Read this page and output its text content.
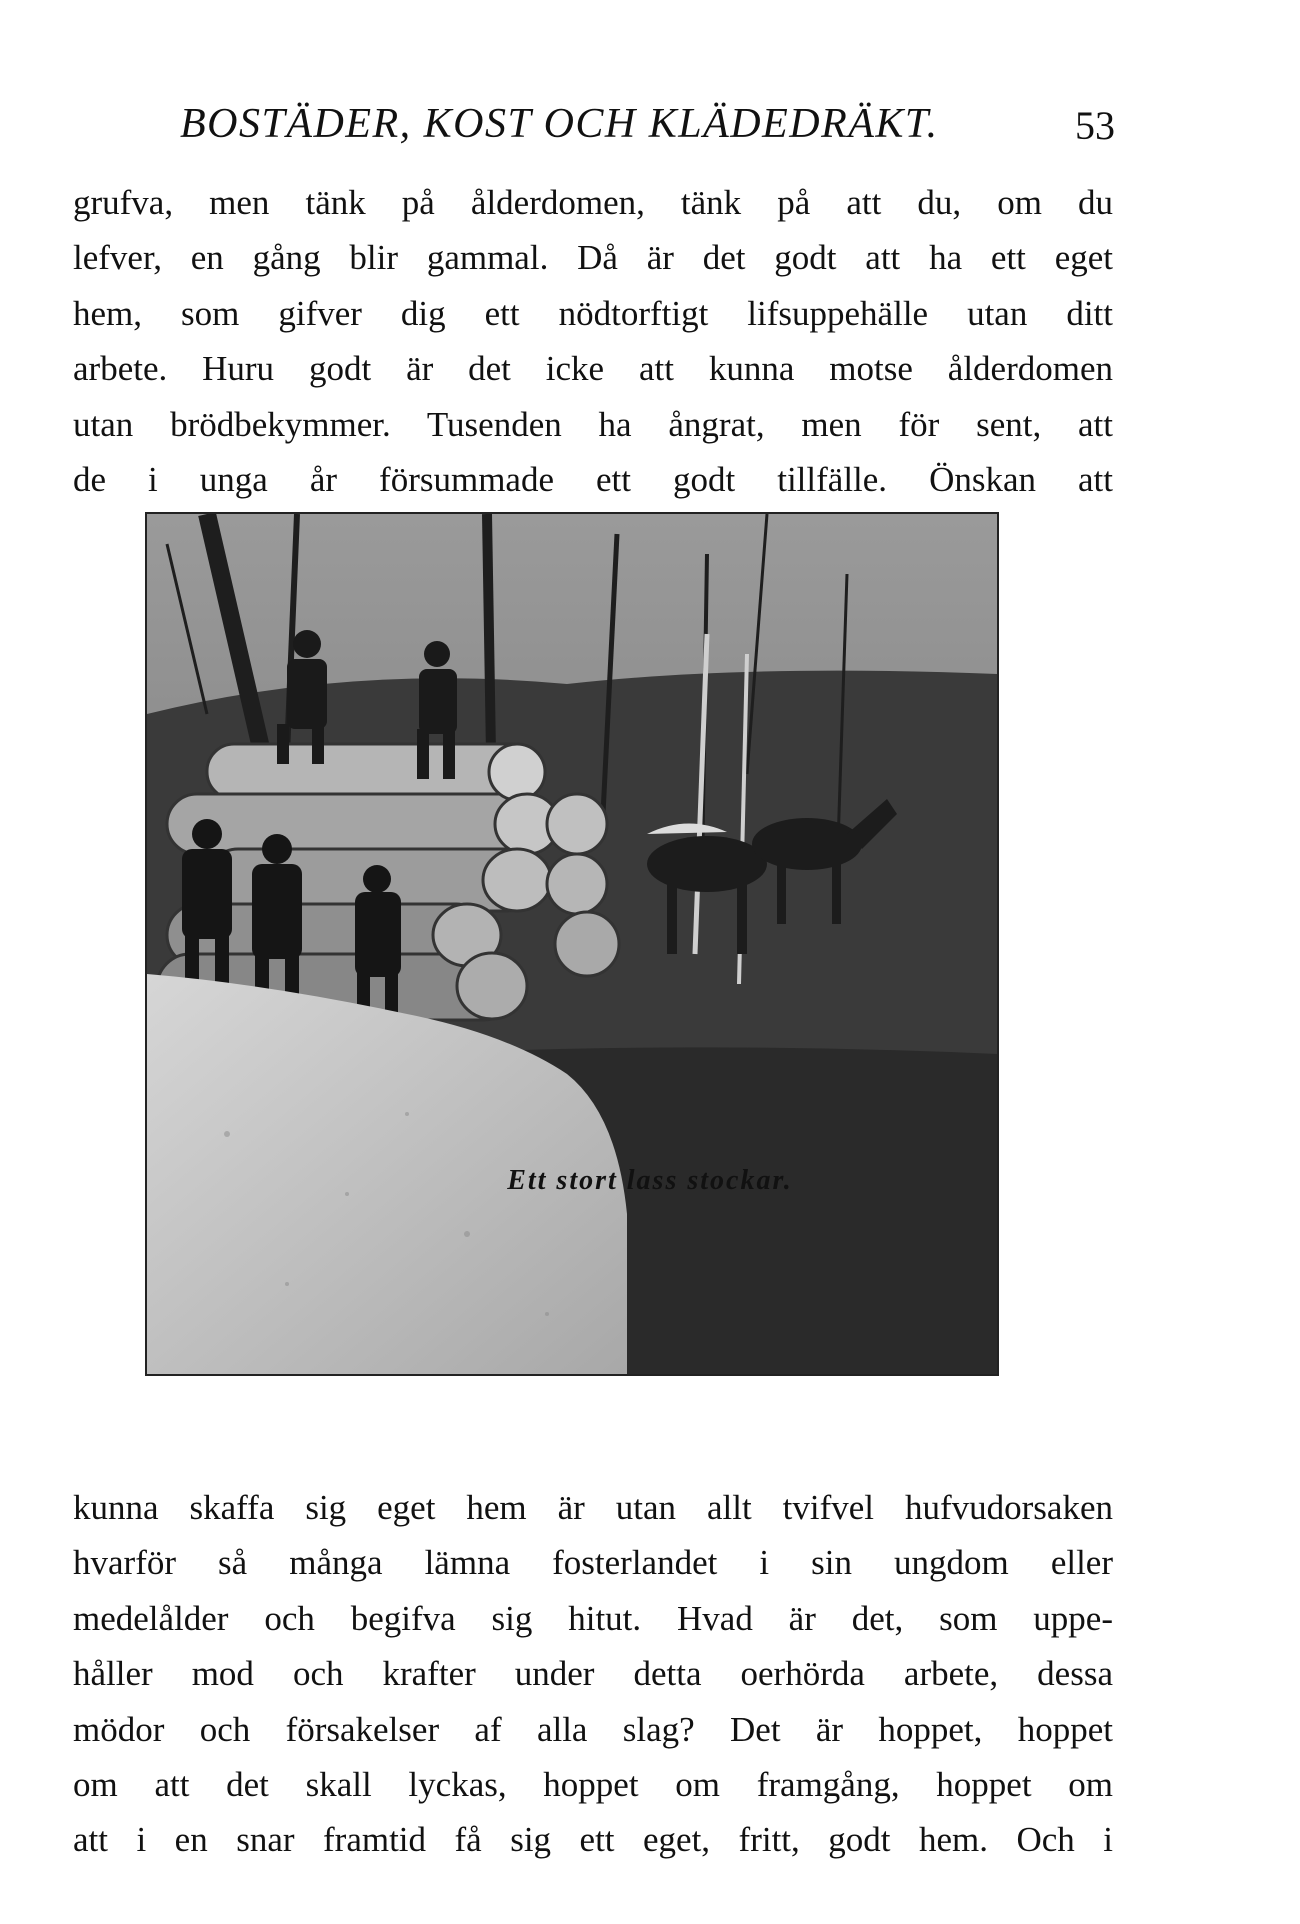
BOSTÄDER, KOST OCH KLÄDEDRÄKT.	53
grufva, men tänk på ålderdomen, tänk på att du, om du
lefver, en gång blir gammal. Då är det godt att ha ett eget
hem, som gifver dig ett nödtorftigt lifsuppehälle utan ditt
arbete. Huru godt är det icke att kunna motse ålderdomen
utan brödbekymmer. Tusenden ha ångrat, men för sent, att
de i unga år försummade ett godt tillfälle. Önskan att
Ett stort lass stockar.
kunna skaffa sig eget hem är utan allt tvifvel hufvudorsaken
hvarför så många lämna fosterlandet i sin ungdom eller
medelålder och begifva sig hitut. Hvad är det, som uppe-
håller mod och krafter under detta oerhörda arbete, dessa
mödor och försakelser af alla slag? Det är hoppet, hoppet
om att det skall lyckas, hoppet om framgång, hoppet om
att i en snar framtid få sig ett eget, fritt, godt hem. Och i
